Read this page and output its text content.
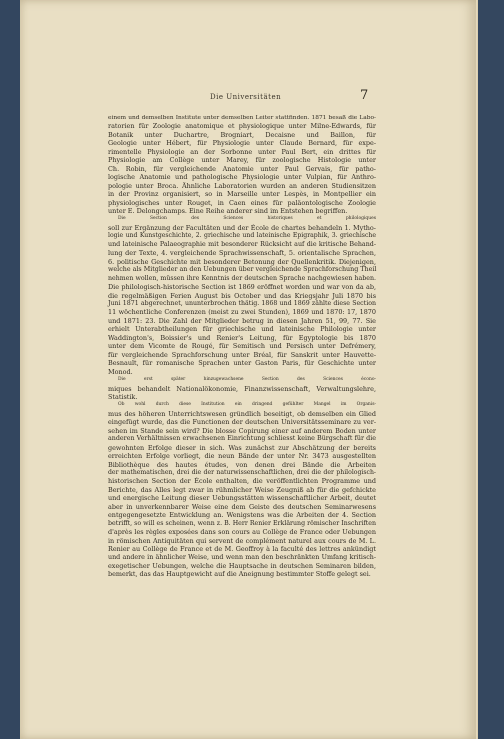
Die Universitäten	7
einem und demselben Institute unter demselben Leiter stattfinden. 1871 besaß die Labo-
ratorien für Zoologie anatomique et physiologique unter Milne-Edwards, für
Botanik unter Duchartre, Brogniart, Decaisne und Baillon, für
Geologie unter Hébert, für Physiologie unter Claude Bernard, für expe-
rimentelle Physiologie an der Sorbonne unter Paul Bert, ein drittes für
Physiologie am Collège unter Marey, für zoologische Histologie unter
Ch. Robin, für vergleichende Anatomie unter Paul Gervais, für patho-
logische Anatomie und pathologische Physiologie unter Vulpian, für Anthro-
pologie unter Broca. Ähnliche Laboratorien wurden an anderen Studiensitzen
in der Provinz organisiert, so in Marseille unter Lespès, in Montpellier ein
physiologisches unter Rouget, in Caen eines für paläontologische Zoologie
unter E. Delongchamps. Eine Reihe anderer sind im Entstehen begriffen.
Die Section des Sciences historiques et philologiques
soll zur Ergänzung der Facultäten und der École de chartes behandeln 1. Mytho-
logie und Kunstgeschichte, 2. griechische und lateinische Epigraphik, 3. griechische
und lateinische Palaeographie mit besonderer Rücksicht auf die kritische Behand-
lung der Texte, 4. vergleichende Sprachwissenschaft, 5. orientalische Sprachen,
6. politische Geschichte mit besonderer Betonung der Quellenkritik. Diejenigen,
welche als Mitglieder an den Uebungen über vergleichende Sprachforschung Theil
nehmen wollen, müssen ihre Kenntnis der deutschen Sprache nachgewiesen haben.
Die philologisch-historische Section ist 1869 eröffnet worden und war von da ab,
die regelmäßigen Ferien August bis October und das Kriegsjahr Juli 1870 bis
Juni 1871 abgerechnet, ununterbrochen thätig. 1868 und 1869 zählte diese Section
11 wöchentliche Conferenzen (meist zu zwei Stunden), 1869 und 1870: 17, 1870
und 1871: 23. Die Zahl der Mitglieder betrug in diesen Jahren 51, 99, 77. Sie
erhielt Unterabtheilungen für griechische und lateinische Philologie unter
Waddington's, Boissier's und Renier's Leitung, für Egyptologie bis 1870
unter dem Vicomte de Rougé, für Semitisch und Persisch unter Defrémery,
für vergleichende Sprachforschung unter Bréal, für Sanskrit unter Hauvette-
Besnault, für romanische Sprachen unter Gaston Paris, für Geschichte unter
Monod.
Die erst später hinzugewachsene Section des Sciences écono-
miques behandelt Nationalökonomie, Finanzwissenschaft, Verwaltungslehre,
Statistik.
Ob wohl durch diese Institution ein dringend gefühlter Mangel im Organis-
mus des höheren Unterrichtswesen gründlich beseitigt, ob demselben ein Glied
eingefügt wurde, das die Functionen der deutschen Universitätsseminare zu ver-
sehen im Stande sein wird? Die blosse Copirung einer auf anderem Boden unter
anderen Verhältnissen erwachsenen Einrichtung schliesst keine Bürgschaft für die
gewohnten Erfolge dieser in sich. Was zunächst zur Abschätzung der bereits
erreichten Erfolge vorliegt, die neun Bände der unter Nr. 3473 ausgestellten
Bibliothèque des hautes études, von denen drei Bände die Arbeiten
der mathematischen, drei die der naturwissenschaftlichen, drei die der philologisch-
historischen Section der École enthalten, die veröffentlichten Programme und
Berichte, das Alles legt zwar in rühmlicher Weise Zeugniß ab für die gefchickte
und energische Leitung dieser Uebungsstätten wissenschaftlicher Arbeit, deutet
aber in unverkennbarer Weise eine dem Geiste des deutschen Seminarwesens
entgegengesetzte Entwicklung an. Wenigstens was die Arbeiten der 4. Section
betrifft, so will es scheinen, wenn z. B. Herr Renier Erklärung römischer Inschriften
d'après les règles exposées dans son cours au Collège de France oder Uebungen
in römischen Antiquitäten qui servent de complément naturel aux cours de M. L.
Renier au Collège de France et de M. Geoffroy à la faculté des lettres ankündigt
und andere in ähnlicher Weise, und wenn man den beschränkten Umfang kritisch-
exegetischer Uebungen, welche die Hauptsache in deutschen Seminaren bilden,
bemerkt, das das Hauptgewicht auf die Aneignung bestimmter Stoffe gelegt sei.
